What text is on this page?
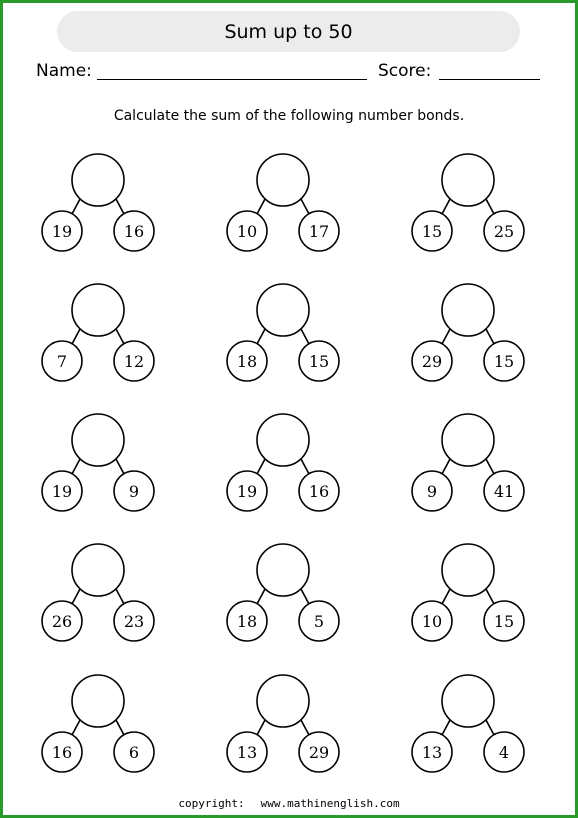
Sum up to 50
Name:	Score:
Calculate the sum of the following number bonds.
19	16	10	17	15	25
7	12	18	15	29	15
19	9	19	16	9	41
26	23	18	5	10	15
16	6	13	29	13	4
copyright: www.mathinenglish.com
